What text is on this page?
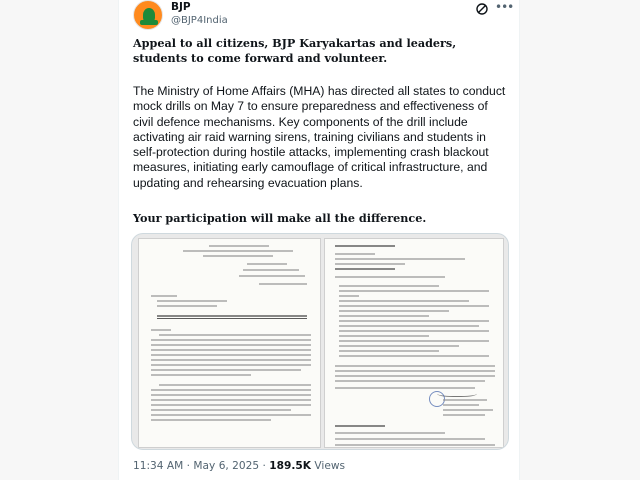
BJP
@BJP4India
•••
Appeal to all citizens, BJP Karyakartas and leaders, students to come forward and volunteer.
The Ministry of Home Affairs (MHA) has directed all states to conduct mock drills on May 7 to ensure preparedness and effectiveness of civil defence mechanisms. Key components of the drill include activating air raid warning sirens, training civilians and students in self-protection during hostile attacks, implementing crash blackout measures, initiating early camouflage of critical infrastructure, and updating and rehearsing evacuation plans.
Your participation will make all the difference.
11:34 AM · May 6, 2025 · 189.5K Views
